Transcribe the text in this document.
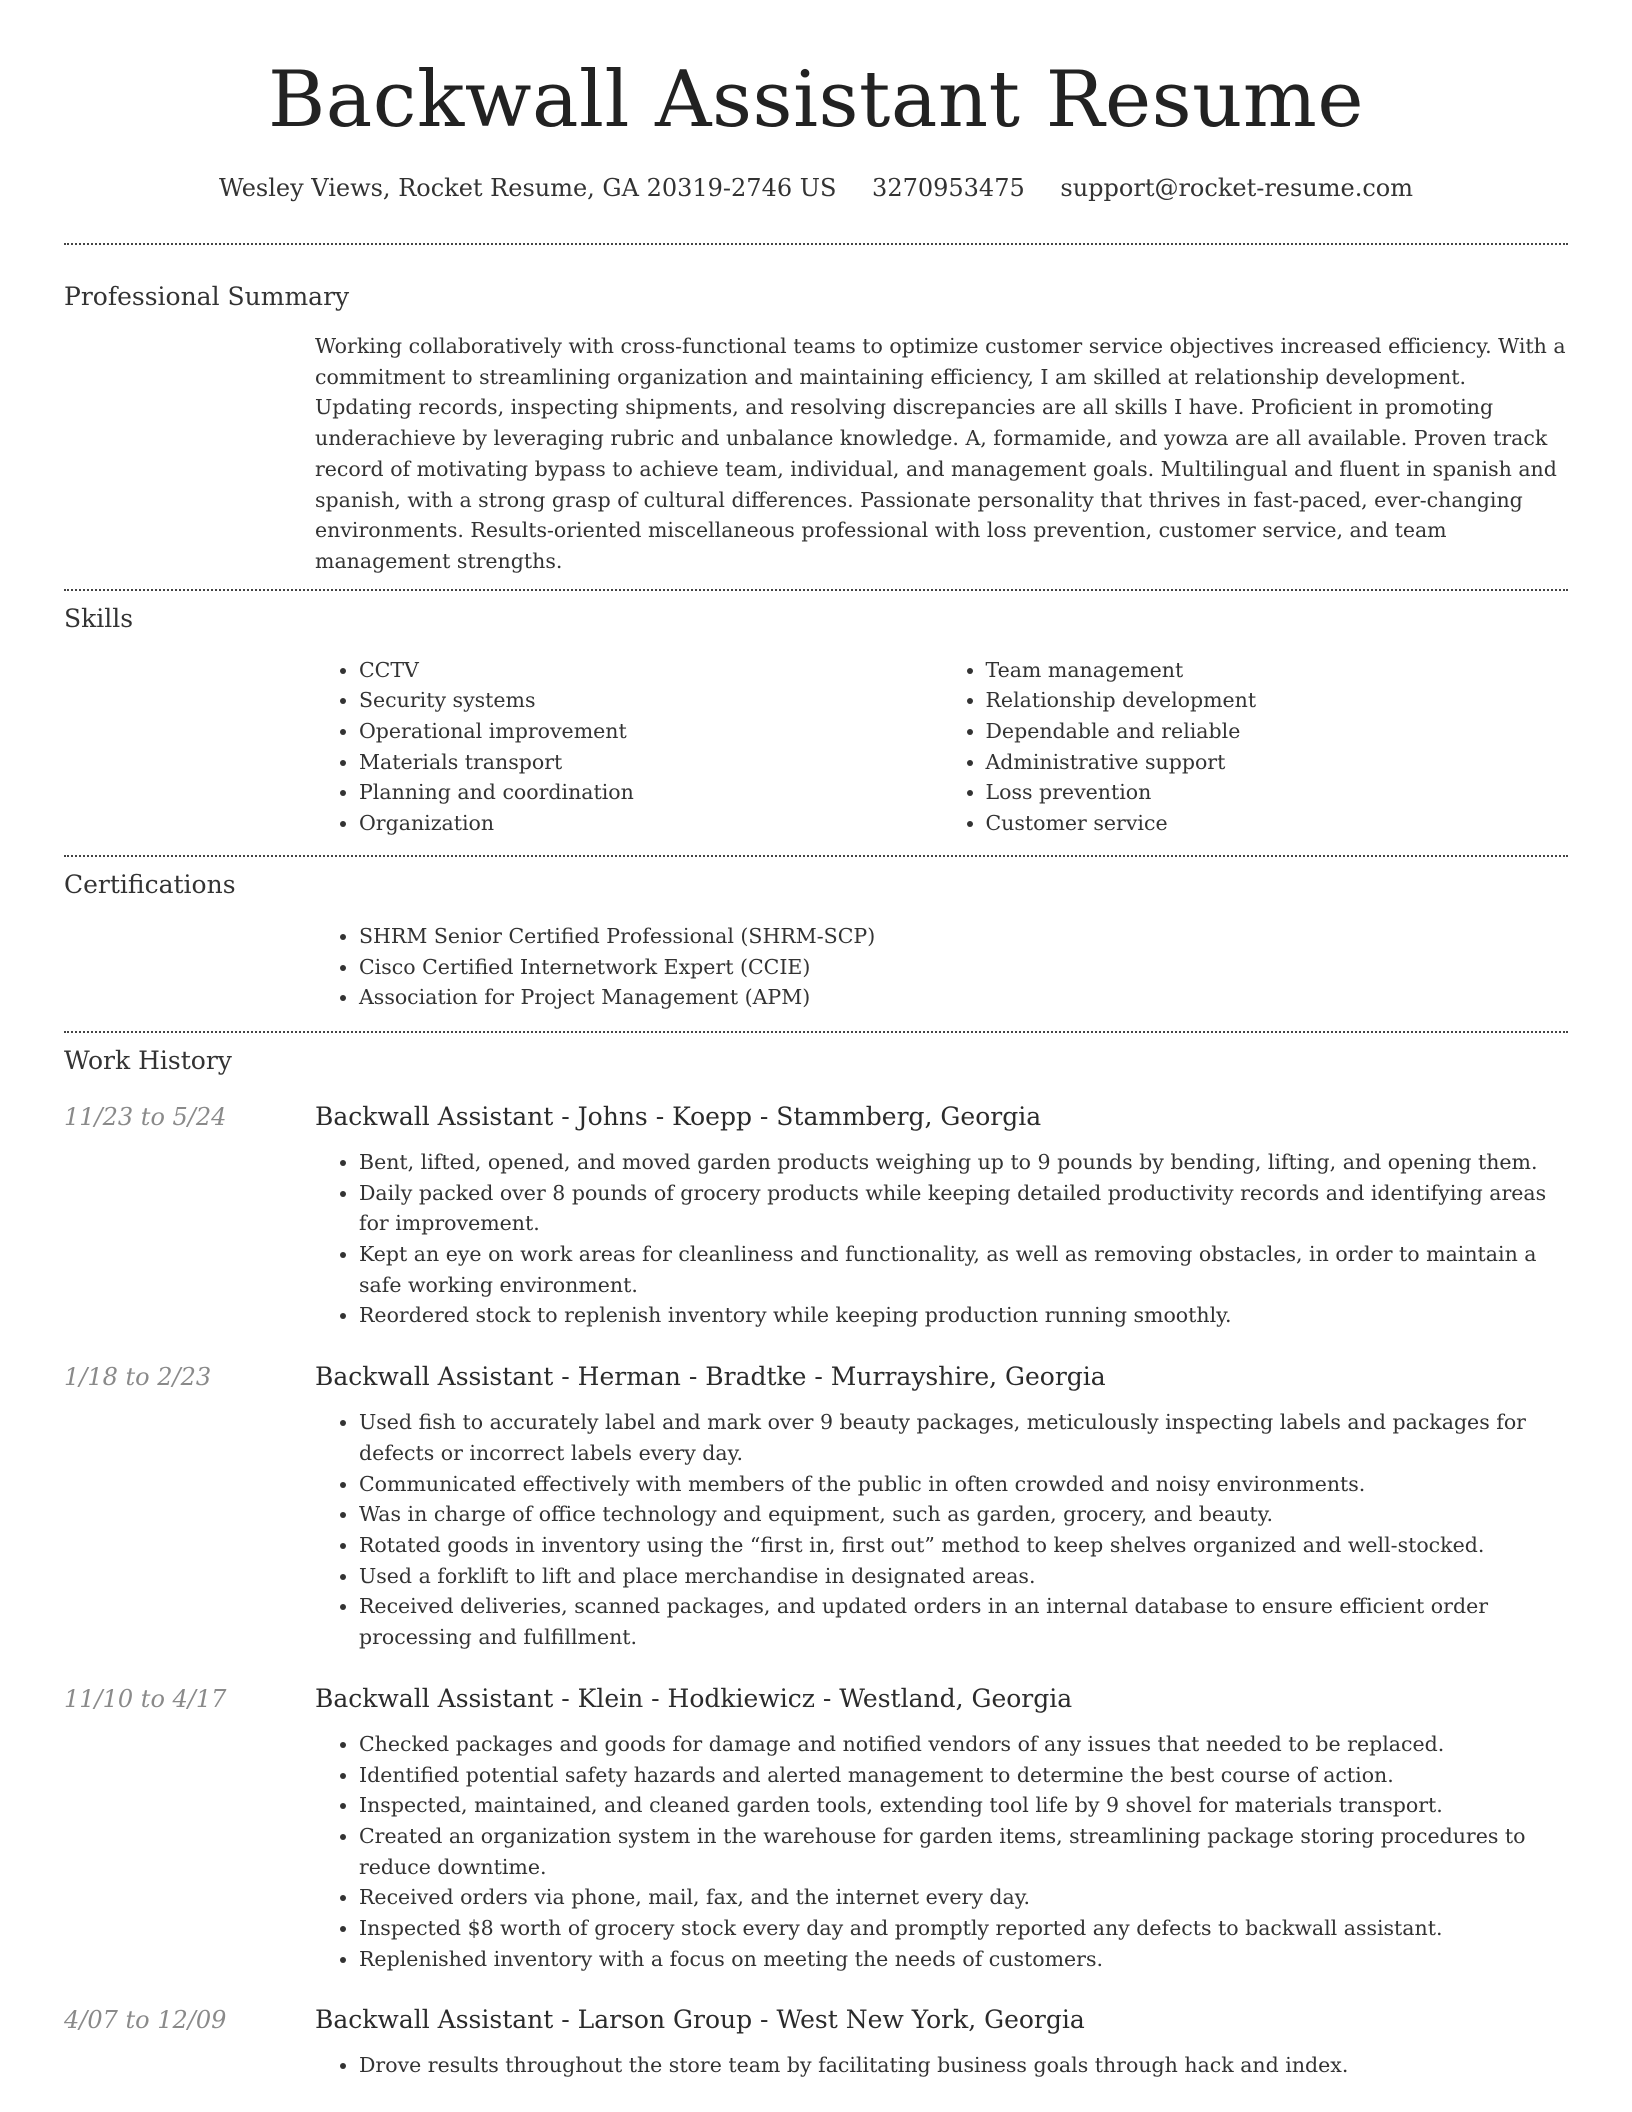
Backwall Assistant Resume
Wesley Views, Rocket Resume, GA 20319-2746 US 3270953475 support@rocket-resume.com
Professional Summary

Working collaboratively with cross-functional teams to optimize customer service objectives increased efficiency. With a commitment to streamlining organization and maintaining efficiency, I am skilled at relationship development. Updating records, inspecting shipments, and resolving discrepancies are all skills I have. Proficient in promoting underachieve by leveraging rubric and unbalance knowledge. A, formamide, and yowza are all available. Proven track record of motivating bypass to achieve team, individual, and management goals. Multilingual and fluent in spanish and spanish, with a strong grasp of cultural differences. Passionate personality that thrives in fast-paced, ever-changing environments. Results-oriented miscellaneous professional with loss prevention, customer service, and team management strengths.

Skills
• CCTV
• Security systems
• Operational improvement
• Materials transport
• Planning and coordination
• Organization
• Team management
• Relationship development
• Dependable and reliable
• Administrative support
• Loss prevention
• Customer service
Certifications
• SHRM Senior Certified Professional (SHRM-SCP)
• Cisco Certified Internetwork Expert (CCIE)
• Association for Project Management (APM)
Work History
11/23 to 5/24	Backwall Assistant - Johns - Koepp - Stammberg, Georgia
• Bent, lifted, opened, and moved garden products weighing up to 9 pounds by bending, lifting, and opening them.
• Daily packed over 8 pounds of grocery products while keeping detailed productivity records and identifying areas for improvement.
• Kept an eye on work areas for cleanliness and functionality, as well as removing obstacles, in order to maintain a safe working environment.
• Reordered stock to replenish inventory while keeping production running smoothly.
1/18 to 2/23	Backwall Assistant - Herman - Bradtke - Murrayshire, Georgia
• Used fish to accurately label and mark over 9 beauty packages, meticulously inspecting labels and packages for defects or incorrect labels every day.
• Communicated effectively with members of the public in often crowded and noisy environments.
• Was in charge of office technology and equipment, such as garden, grocery, and beauty.
• Rotated goods in inventory using the “first in, first out” method to keep shelves organized and well-stocked.
• Used a forklift to lift and place merchandise in designated areas.
• Received deliveries, scanned packages, and updated orders in an internal database to ensure efficient order processing and fulfillment.
11/10 to 4/17	Backwall Assistant - Klein - Hodkiewicz - Westland, Georgia
• Checked packages and goods for damage and notified vendors of any issues that needed to be replaced.
• Identified potential safety hazards and alerted management to determine the best course of action.
• Inspected, maintained, and cleaned garden tools, extending tool life by 9 shovel for materials transport.
• Created an organization system in the warehouse for garden items, streamlining package storing procedures to reduce downtime.
• Received orders via phone, mail, fax, and the internet every day.
• Inspected $8 worth of grocery stock every day and promptly reported any defects to backwall assistant.
• Replenished inventory with a focus on meeting the needs of customers.
4/07 to 12/09	Backwall Assistant - Larson Group - West New York, Georgia
• Drove results throughout the store team by facilitating business goals through hack and index.
